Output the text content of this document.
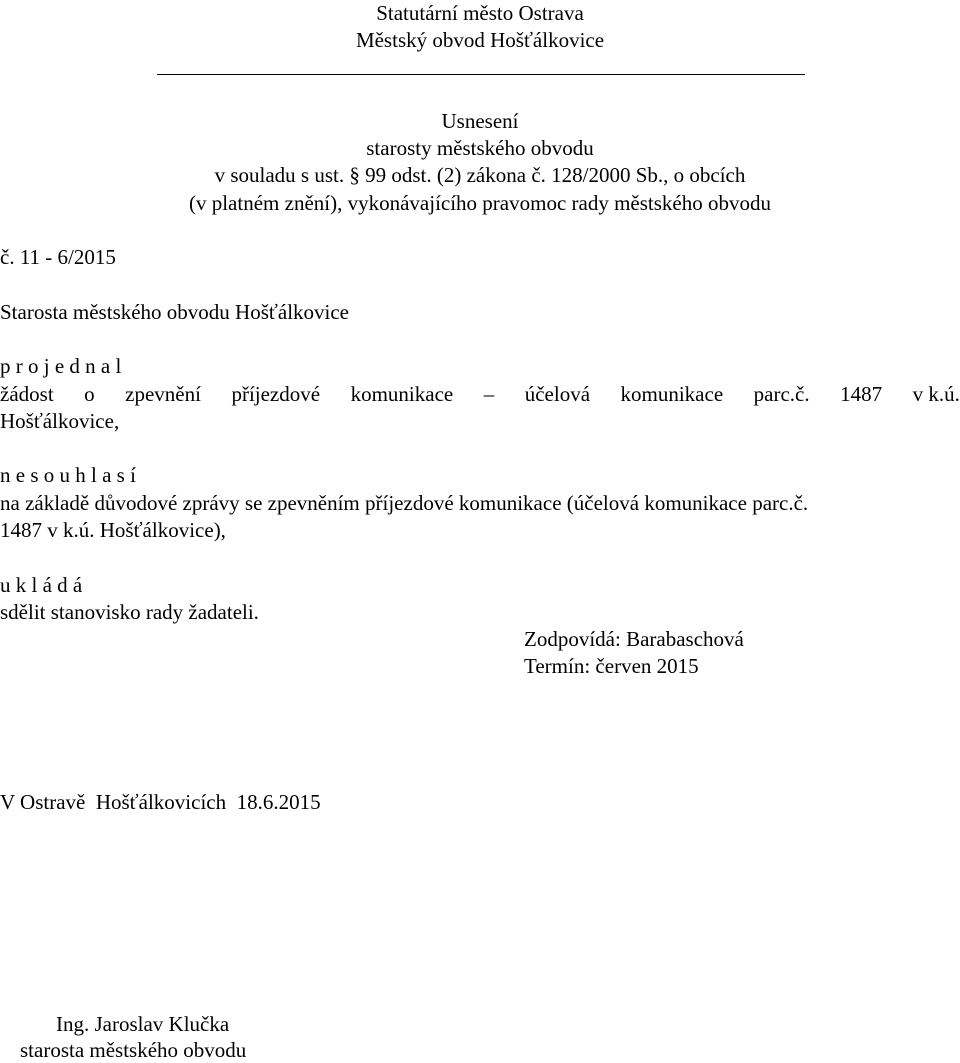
Statutární město Ostrava
Městský obvod Hošťálkovice
Usnesení
starosty městského obvodu
v souladu s ust. § 99 odst. (2) zákona č. 128/2000 Sb., o obcích
(v platném znění), vykonávajícího pravomoc rady městského obvodu
č. 11 - 6/2015
Starosta městského obvodu Hošťálkovice
p r o j e d n a l
žádost o zpevnění příjezdové komunikace – účelová komunikace parc.č. 1487 v k.ú.
Hošťálkovice,
n e s o u h l a s í
na základě důvodové zprávy se zpevněním příjezdové komunikace (účelová komunikace parc.č.
1487 v k.ú. Hošťálkovice),
u k l á d á
sdělit stanovisko rady žadateli.
Zodpovídá: Barabaschová
Termín: červen 2015
V Ostravě  Hošťálkovicích  18.6.2015
Ing. Jaroslav Klučka
starosta městského obvodu
